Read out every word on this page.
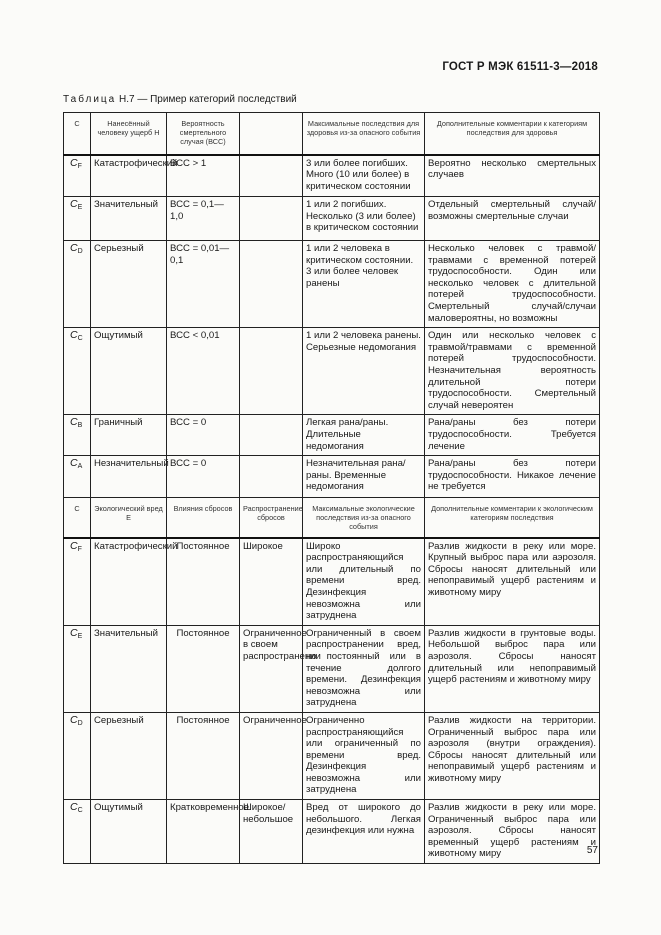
ГОСТ Р МЭК 61511-3—2018
Таблица Н.7 — Пример категорий последствий
С	Нанесённый человеку ущерб Н	Вероятность смертельного случая (ВСС)		Максимальные последствия для здоровья из-за опасного события	Дополнительные комментарии к категориям последствия для здоровья
$C_F$	Катастрофический	ВСС > 1		3 или более погибших. Много (10 или более) в критическом состоянии	Вероятно несколько смертельных случаев
$C_E$	Значительный	ВСС = 0,1—1,0		1 или 2 погибших. Несколько (3 или более) в критическом состоянии	Отдельный смертельный случай/возможны смертельные случаи
$C_D$	Серьезный	ВСС = 0,01—0,1		1 или 2 человека в критическом состоянии. 3 или более человек ранены	Несколько человек с травмой/травмами с временной потерей трудоспособности. Один или несколько человек с длительной потерей трудоспособности. Смертельный случай/случаи маловероятны, но возможны
$C_C$	Ощутимый	ВСС < 0,01		1 или 2 человека ранены. Серьезные недомогания	Один или несколько человек с травмой/травмами с временной потерей трудоспособности. Незначительная вероятность длительной потери трудоспособности. Смертельный случай невероятен
$C_B$	Граничный	ВСС = 0		Легкая рана/раны. Длительные недомогания	Рана/раны без потери трудоспособности. Требуется лечение
$C_A$	Незначительный	ВСС = 0		Незначительная рана/раны. Временные недомогания	Рана/раны без потери трудоспособности. Никакое лечение не требуется
С	Экологический вред Е	Влияния сбросов	Распространение сбросов	Максимальные экологические последствия из-за опасного события	Дополнительные комментарии к экологическим категориям последствия
$C_F$	Катастрофический	Постоянное	Широкое	Широко распространяющийся или длительный по времени вред. Дезинфекция невозможна или затруднена	Разлив жидкости в реку или море. Крупный выброс пара или аэрозоля. Сбросы наносят длительный или непоправимый ущерб растениям и животному миру
$C_E$	Значительный	Постоянное	Ограниченное в своем распространении	Ограниченный в своем распространении вред, но постоянный или в течение долгого времени. Дезинфекция невозможна или затруднена	Разлив жидкости в грунтовые воды. Небольшой выброс пара или аэрозоля. Сбросы наносят длительный или непоправимый ущерб растениям и животному миру
$C_D$	Серьезный	Постоянное	Ограниченное	Ограниченно распространяющийся или ограниченный по времени вред. Дезинфекция невозможна или затруднена	Разлив жидкости на территории. Ограниченный выброс пара или аэрозоля (внутри ограждения). Сбросы наносят длительный или непоправимый ущерб растениям и животному миру
$C_C$	Ощутимый	Кратковременное	Широкое/небольшое	Вред от широкого до небольшого. Легкая дезинфекция или нужна	Разлив жидкости в реку или море. Ограниченный выброс пара или аэрозоля. Сбросы наносят временный ущерб растениям и животному миру	57
